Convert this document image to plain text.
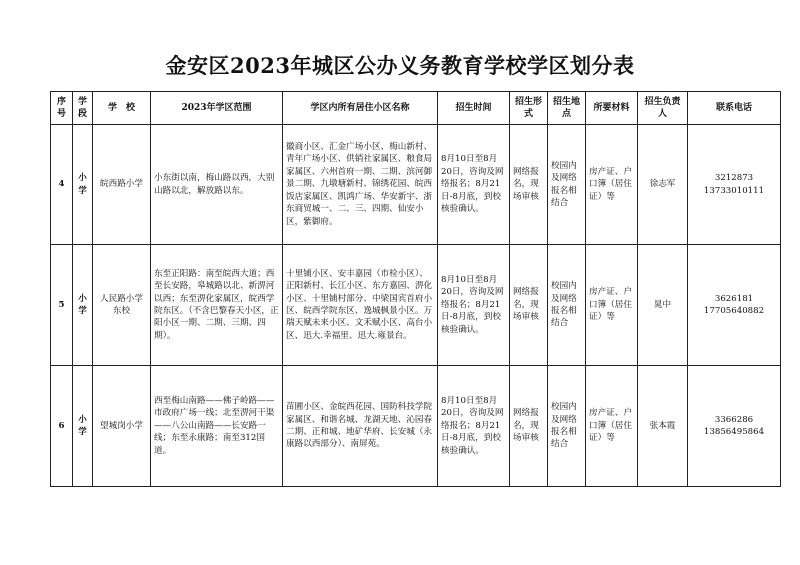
金安区2023年城区公办义务教育学校学区划分表
序号	学段	学　校	2023年学区范围	学区内所有居住小区名称	招生时间	招生形式	招生地点	所要材料	招生负责人	联系电话
4	小学	皖西路小学	小东街以南，梅山路以西，大别山路以北，解放路以东。	徽商小区、汇金广场小区、梅山新村、青年广场小区、供销社家属区、粮食局家属区、六州首府一期、二期、滨河御景二期、九墩塘新村、锦绣花园、皖西饭店家属区、凯鸿广场、华安新宇、浙东商贸城一、二、三、四期、仙安小区，紫御府。	8月10日至8月20日，咨询及网络报名；8月21日-8月底，到校核验确认。	网络报名，现场审核	校园内及网络报名相结合	房产证、户口簿（居住证）等	徐志军	3212873
13733010111

5	小学	人民路小学东校	东至正阳路：南至皖西大道；西至长安路，皋城路以北、新淠河以西；东至淠化家属区，皖西学院东区。（不含巴黎春天小区，正阳小区一期、二期、三期、四期）。	十里铺小区、安丰嘉园（市检小区）、正阳新村、长江小区、东方嘉园、淠化小区、十里铺村部分、中梁国宾首府小区、皖西学院东区、逸城枫景小区。万瑞天赋未来小区、文禾赋小区、高台小区、迅大.幸福里、迅大.雍景台。	8月10日至8月20日，咨询及网络报名；8月21日-8月底，到校核验确认。	网络报名，现场审核	校园内及网络报名相结合	房产证、户口簿（居住证）等	晁中	3626181
17705640882

6	小学	望城岗小学	西至梅山南路——佛子岭路——市政府广场一线；北至淠河干渠——八公山南路——长安路一线；东至永康路；南至312国道。	苗圃小区、金皖西花园、国防科技学院家属区、和谐名城、龙湖天地、沁园春二期、正和城、地矿华府、长安城（永康路以西部分）、南屏苑。	8月10日至8月20日，咨询及网络报名；8月21日-8月底，到校核验确认。	网络报名，现场审核	校园内及网络报名相结合	房产证、户口簿（居住证）等	张本霞	3366286
13856495864
